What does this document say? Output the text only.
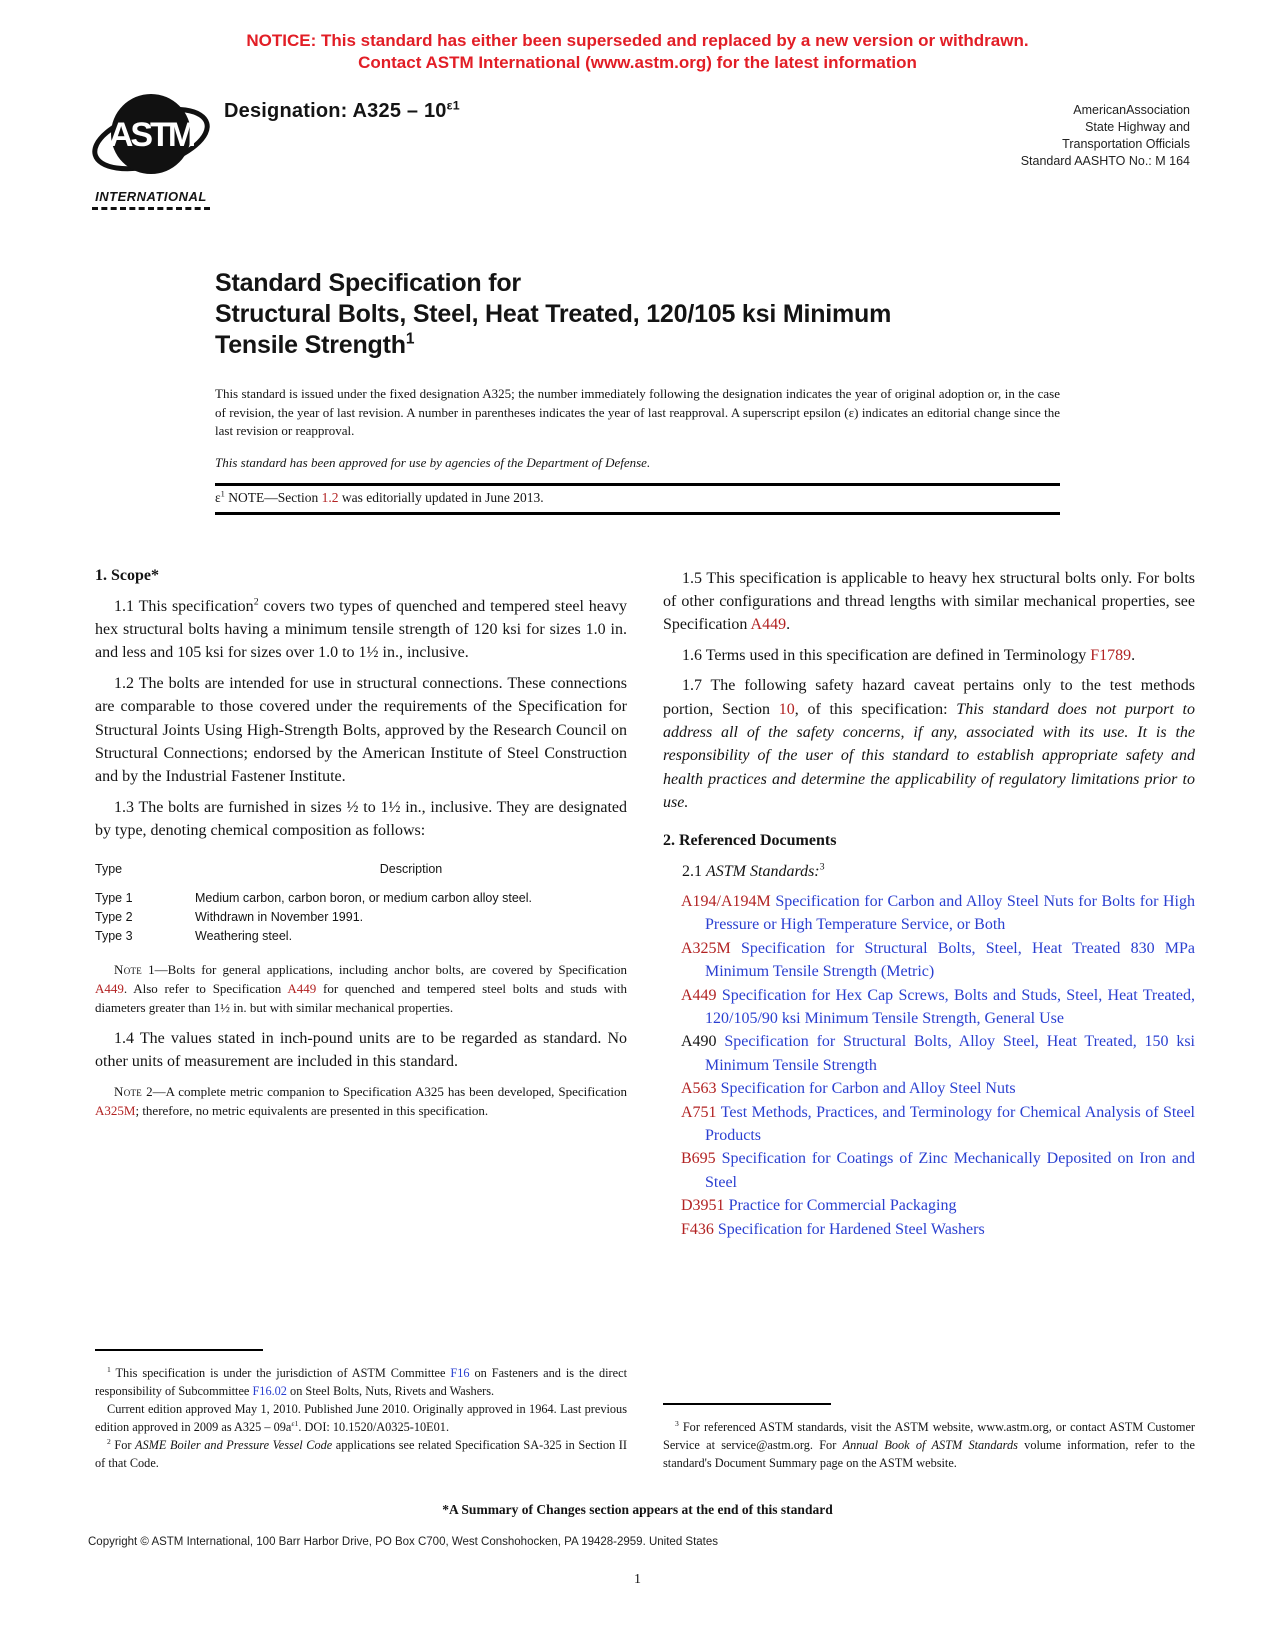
NOTICE: This standard has either been superseded and replaced by a new version or withdrawn.
Contact ASTM International (www.astm.org) for the latest information
ASTM
INTERNATIONAL
Designation: $A325 - 10^{\varepsilon 1}$	AmericanAssociation
State Highway and
Transportation Officials
Standard AASHTO No.: M 164
Standard Specification for
Structural Bolts, Steel, Heat Treated, 120/105 ksi Minimum
Tensile Strength$^1$
This standard is issued under the fixed designation A325; the number immediately following the designation indicates the year of original adoption or, in the case of revision, the year of last revision. A number in parentheses indicates the year of last reapproval. A superscript epsilon (ε) indicates an editorial change since the last revision or reapproval.
This standard has been approved for use by agencies of the Department of Defense.
$\varepsilon^1$ NOTE—Section 1.2 was editorially updated in June 2013.
1. Scope*

1.1 This specification$^2$ covers two types of quenched and tempered steel heavy hex structural bolts having a minimum tensile strength of 120 ksi for sizes 1.0 in. and less and 105 ksi for sizes over 1.0 to 1½ in., inclusive.

1.2 The bolts are intended for use in structural connections. These connections are comparable to those covered under the requirements of the Specification for Structural Joints Using High-Strength Bolts, approved by the Research Council on Structural Connections; endorsed by the American Institute of Steel Construction and by the Industrial Fastener Institute.

1.3 The bolts are furnished in sizes ½ to 1½ in., inclusive. They are designated by type, denoting chemical composition as follows:

Type	Description
Type 1	Medium carbon, carbon boron, or medium carbon alloy steel.
Type 2	Withdrawn in November 1991.
Type 3	Weathering steel.
Note 1—Bolts for general applications, including anchor bolts, are covered by Specification A449. Also refer to Specification A449 for quenched and tempered steel bolts and studs with diameters greater than 1½ in. but with similar mechanical properties.

1.4 The values stated in inch-pound units are to be regarded as standard. No other units of measurement are included in this standard.

Note 2—A complete metric companion to Specification A325 has been developed, Specification A325M; therefore, no metric equivalents are presented in this specification.

$^1$ This specification is under the jurisdiction of ASTM Committee F16 on Fasteners and is the direct responsibility of Subcommittee F16.02 on Steel Bolts, Nuts, Rivets and Washers.

Current edition approved May 1, 2010. Published June 2010. Originally approved in 1964. Last previous edition approved in 2009 as $A325 - 09a^{\varepsilon 1}$. DOI: 10.1520/A0325-10E01.

$^2$ For ASME Boiler and Pressure Vessel Code applications see related Specification SA-325 in Section II of that Code.

1.5 This specification is applicable to heavy hex structural bolts only. For bolts of other configurations and thread lengths with similar mechanical properties, see Specification A449.

1.6 Terms used in this specification are defined in Terminology F1789.

1.7 The following safety hazard caveat pertains only to the test methods portion, Section 10, of this specification: This standard does not purport to address all of the safety concerns, if any, associated with its use. It is the responsibility of the user of this standard to establish appropriate safety and health practices and determine the applicability of regulatory limitations prior to use.

2. Referenced Documents

2.1 ASTM Standards:$^3$

A194/A194M Specification for Carbon and Alloy Steel Nuts for Bolts for High Pressure or High Temperature Service, or Both
A325M Specification for Structural Bolts, Steel, Heat Treated 830 MPa Minimum Tensile Strength (Metric)
A449 Specification for Hex Cap Screws, Bolts and Studs, Steel, Heat Treated, 120/105/90 ksi Minimum Tensile Strength, General Use
A490 Specification for Structural Bolts, Alloy Steel, Heat Treated, 150 ksi Minimum Tensile Strength
A563 Specification for Carbon and Alloy Steel Nuts
A751 Test Methods, Practices, and Terminology for Chemical Analysis of Steel Products
B695 Specification for Coatings of Zinc Mechanically Deposited on Iron and Steel
D3951 Practice for Commercial Packaging
F436 Specification for Hardened Steel Washers

$^3$ For referenced ASTM standards, visit the ASTM website, www.astm.org, or contact ASTM Customer Service at service@astm.org. For Annual Book of ASTM Standards volume information, refer to the standard's Document Summary page on the ASTM website.

*A Summary of Changes section appears at the end of this standard
Copyright © ASTM International, 100 Barr Harbor Drive, PO Box C700, West Conshohocken, PA 19428-2959. United States
1
